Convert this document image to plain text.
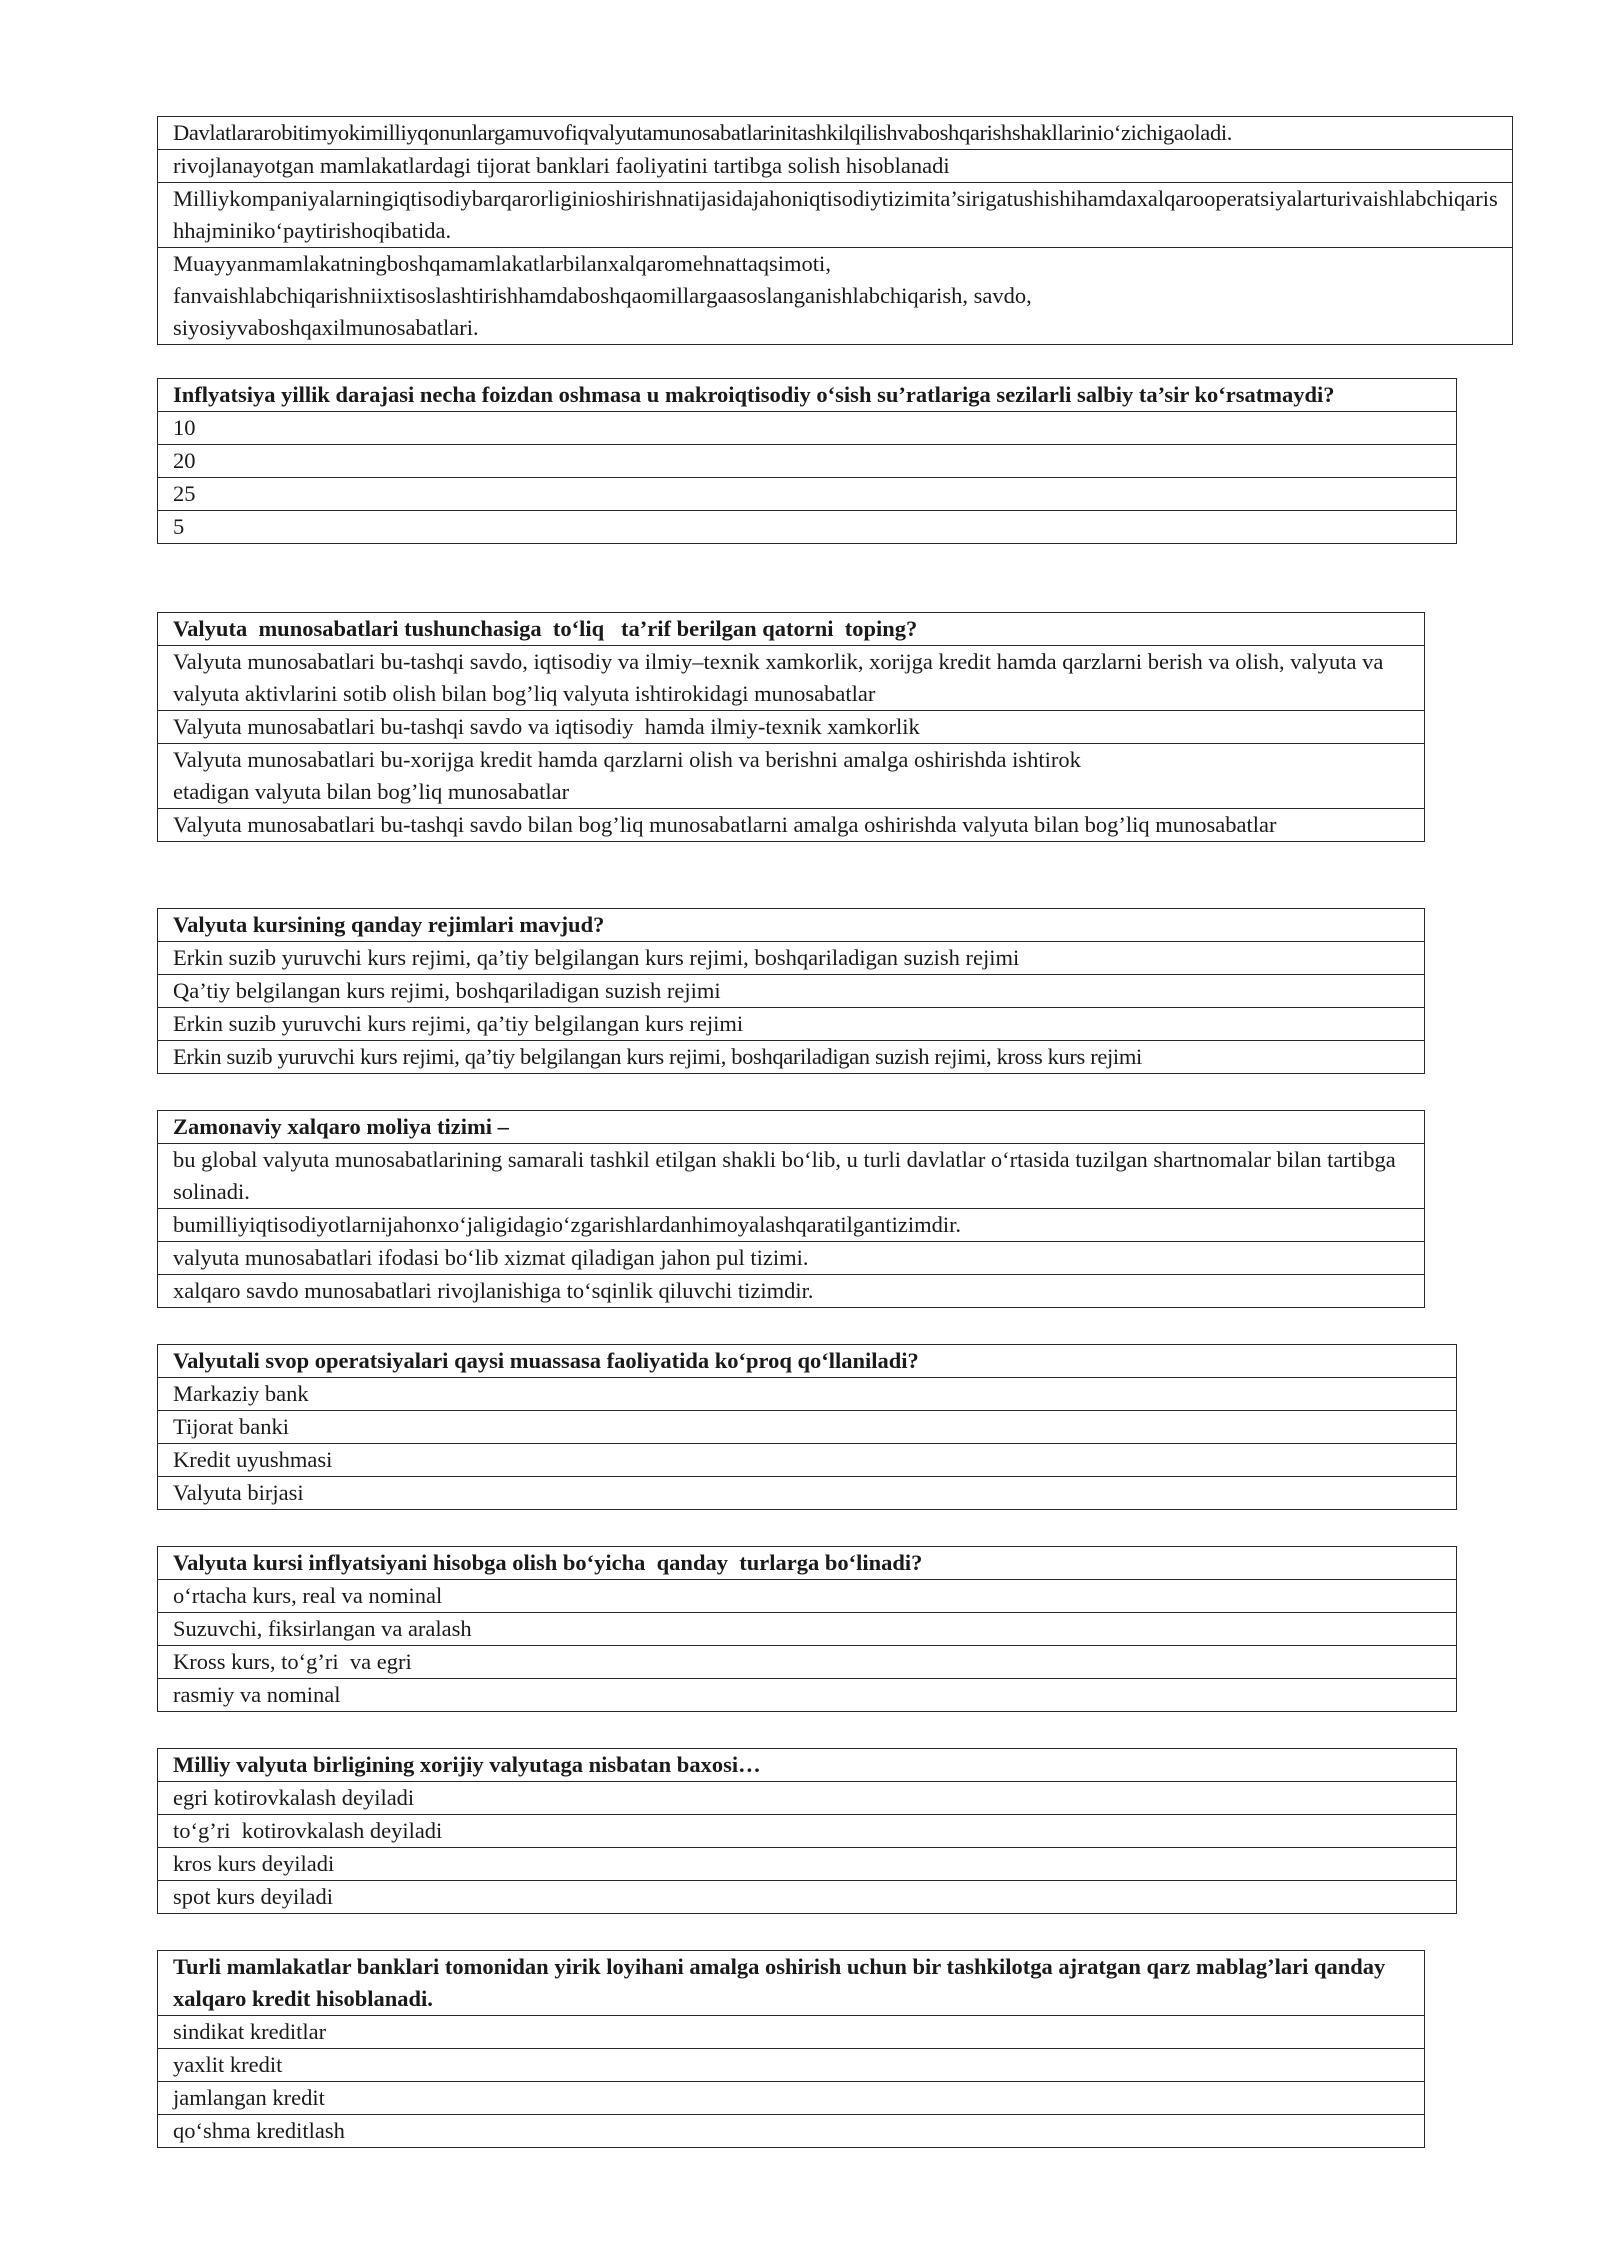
Davlatlararobitimyokimilliyqonunlargamuvofiqvalyutamunosabatlarinitashkilqilishvaboshqarishshakllarinio‘zichigaoladi.
rivojlanayotgan mamlakatlardagi tijorat banklari faoliyatini tartibga solish hisoblanadi
Milliykompaniyalarningiqtisodiybarqarorliginioshirishnatijasidajahoniqtisodiytizimita’sirigatushishihamdaxalqarooperatsiyalarturivaishlabchiqarishhajminiko‘paytirishoqibatida.
Muayyanmamlakatningboshqamamlakatlarbilanxalqaromehnattaqsimoti, fanvaishlabchiqarishniixtisoslashtirishhamdaboshqaomillargaasoslanganishlabchiqarish, savdo, siyosiyvaboshqaxilmunosabatlari.
Inflyatsiya yillik darajasi necha foizdan oshmasa u makroiqtisodiy o‘sish su’ratlariga sezilarli salbiy ta’sir ko‘rsatmaydi?
10
20
25
5
Valyuta  munosabatlari tushunchasiga  to‘liq   ta’rif berilgan qatorni  toping?
Valyuta munosabatlari bu-tashqi savdo, iqtisodiy va ilmiy–texnik xamkorlik, xorijga kredit hamda qarzlarni berish va olish, valyuta va valyuta aktivlarini sotib olish bilan bog’liq valyuta ishtirokidagi munosabatlar
Valyuta munosabatlari bu-tashqi savdo va iqtisodiy  hamda ilmiy-texnik xamkorlik
Valyuta munosabatlari bu-xorijga kredit hamda qarzlarni olish va berishni amalga oshirishda ishtirok etadigan valyuta bilan bog’liq munosabatlar
Valyuta munosabatlari bu-tashqi savdo bilan bog’liq munosabatlarni amalga oshirishda valyuta bilan bog’liq munosabatlar
Valyuta kursining qanday rejimlari mavjud?
Erkin suzib yuruvchi kurs rejimi, qa’tiy belgilangan kurs rejimi, boshqariladigan suzish rejimi
Qa’tiy belgilangan kurs rejimi, boshqariladigan suzish rejimi
Erkin suzib yuruvchi kurs rejimi, qa’tiy belgilangan kurs rejimi
Erkin suzib yuruvchi kurs rejimi, qa’tiy belgilangan kurs rejimi, boshqariladigan suzish rejimi, kross kurs rejimi
Zamonaviy xalqaro moliya tizimi –
bu global valyuta munosabatlarining samarali tashkil etilgan shakli bo‘lib, u turli davlatlar o‘rtasida tuzilgan shartnomalar bilan tartibga solinadi.
bumilliyiqtisodiyotlarnijahonxo‘jaligidagio‘zgarishlardanhimoyalashqaratilgantizimdir.
valyuta munosabatlari ifodasi bo‘lib xizmat qiladigan jahon pul tizimi.
xalqaro savdo munosabatlari rivojlanishiga to‘sqinlik qiluvchi tizimdir.
Valyutali svop operatsiyalari qaysi muassasa faoliyatida ko‘proq qo‘llaniladi?
Markaziy bank
Tijorat banki
Kredit uyushmasi
Valyuta birjasi
Valyuta kursi inflyatsiyani hisobga olish bo‘yicha  qanday  turlarga bo‘linadi?
o‘rtacha kurs, real va nominal
Suzuvchi, fiksirlangan va aralash
Kross kurs, to‘g’ri  va egri
rasmiy va nominal
Milliy valyuta birligining xorijiy valyutaga nisbatan baxosi…
egri kotirovkalash deyiladi
to‘g’ri  kotirovkalash deyiladi
kros kurs deyiladi
spot kurs deyiladi
Turli mamlakatlar banklari tomonidan yirik loyihani amalga oshirish uchun bir tashkilotga ajratgan qarz mablag’lari qanday xalqaro kredit hisoblanadi.
sindikat kreditlar
yaxlit kredit
jamlangan kredit
qo‘shma kreditlash
